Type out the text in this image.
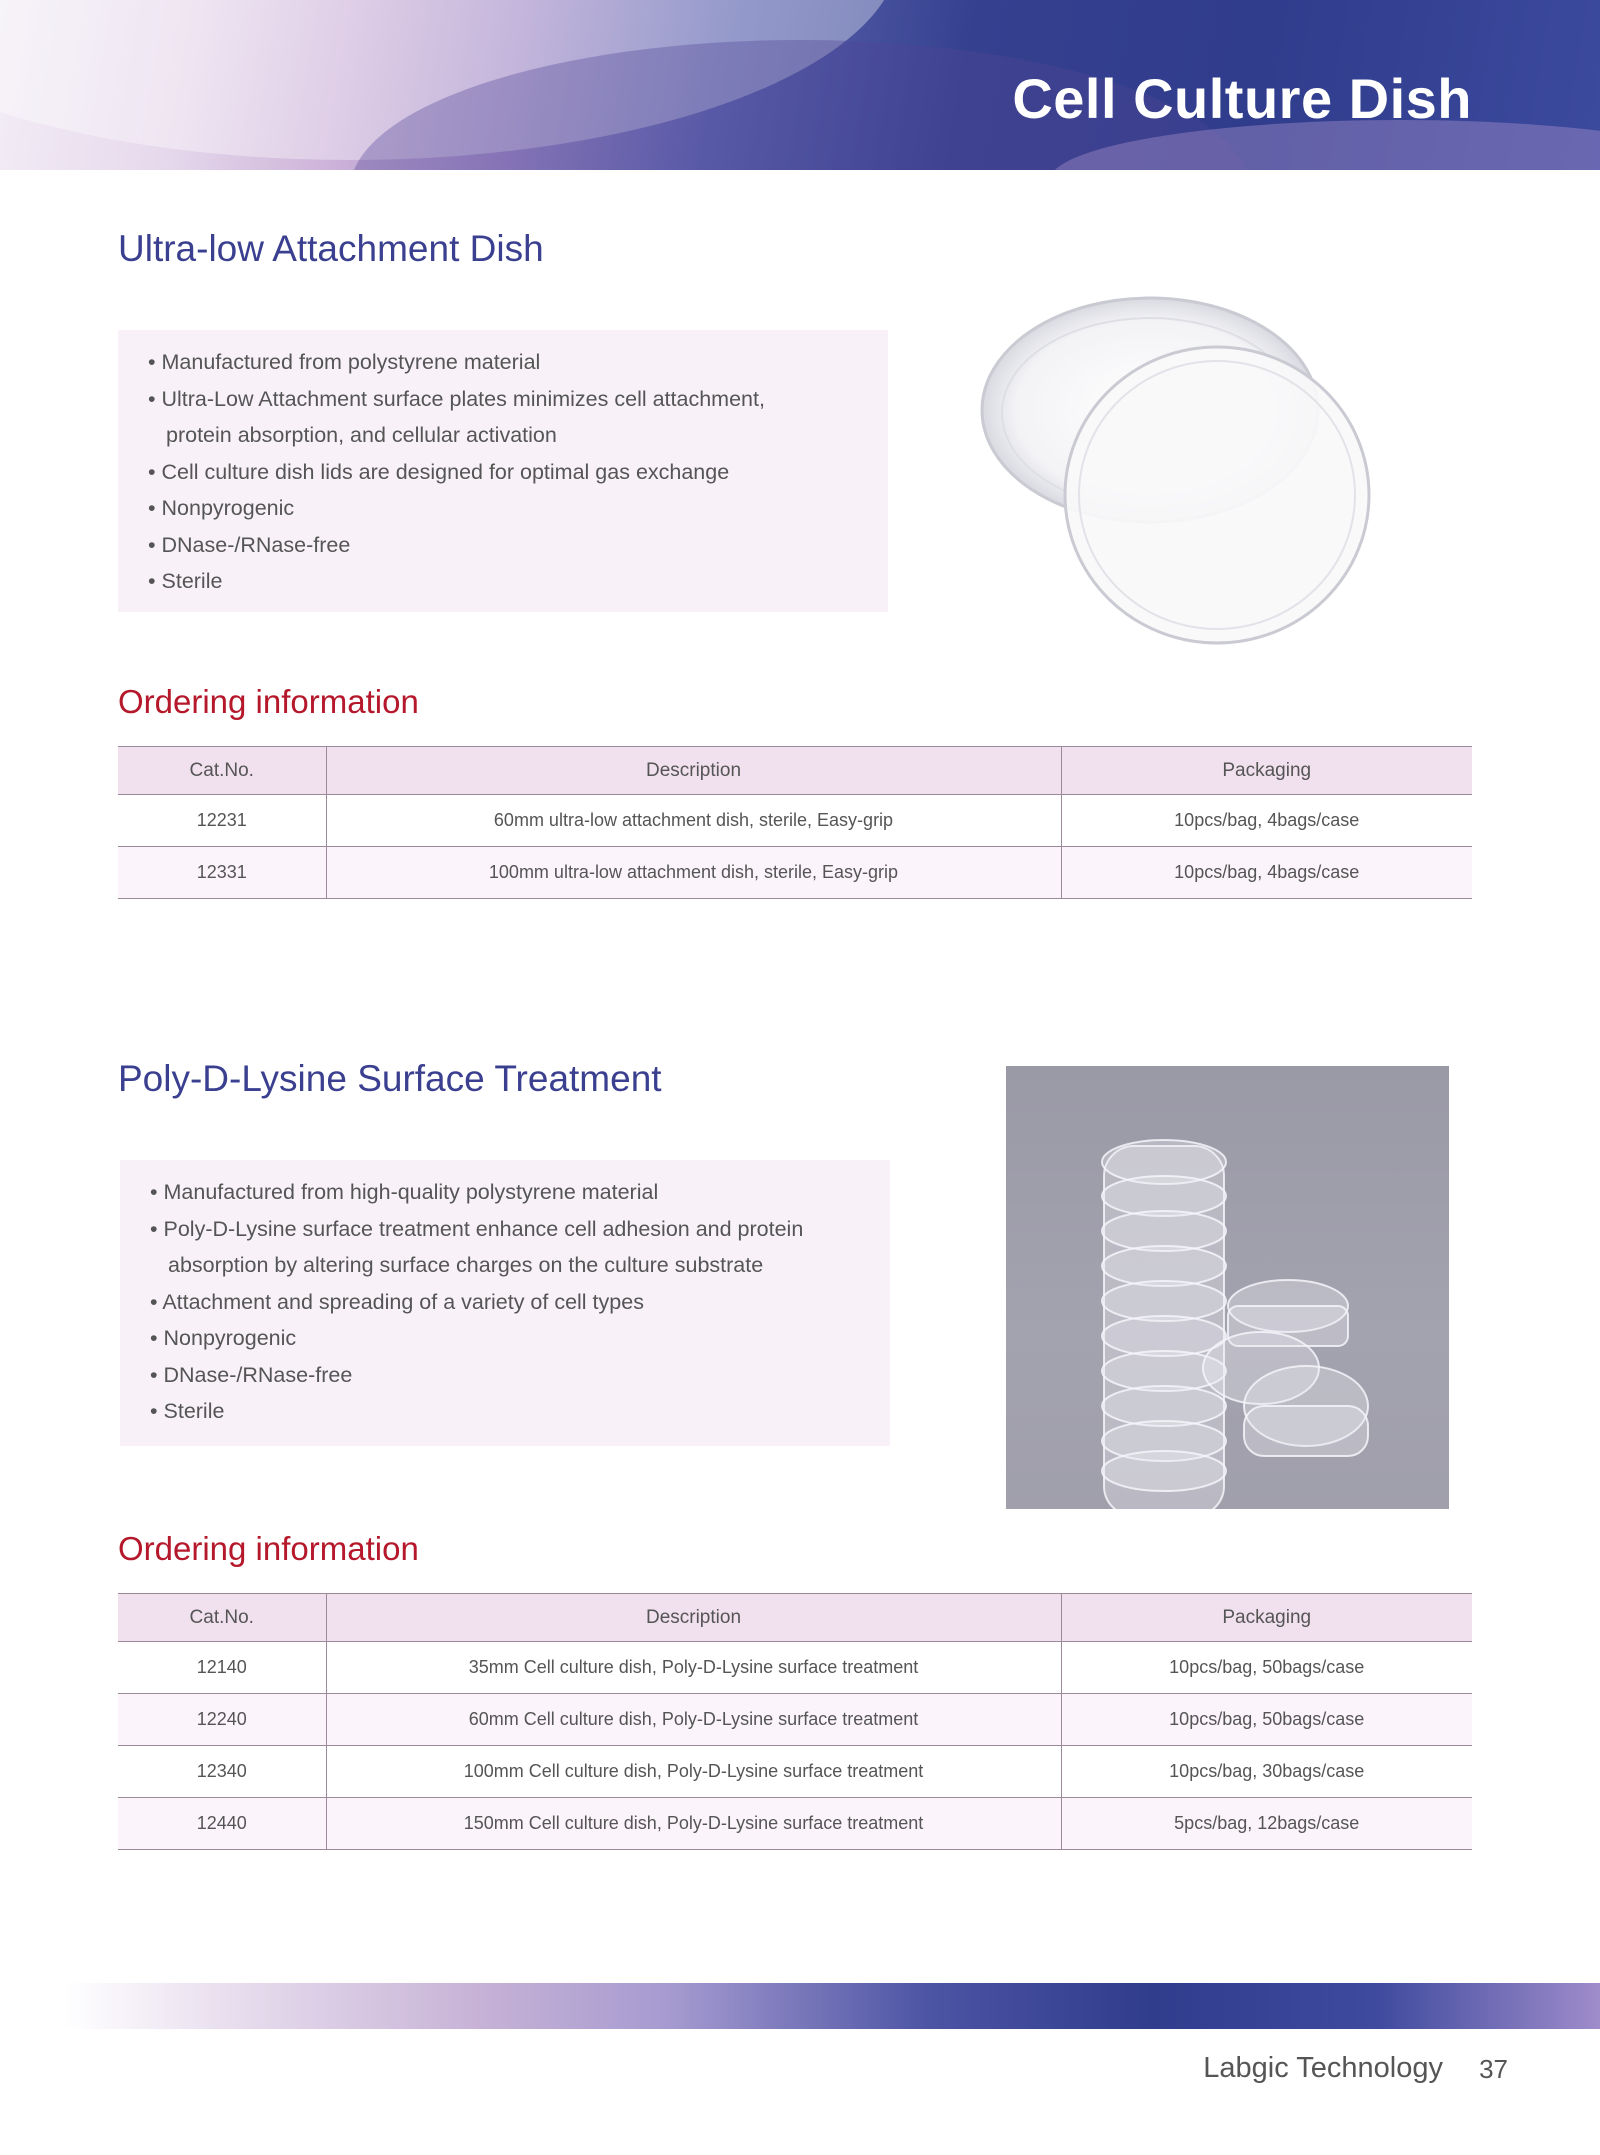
Cell Culture Dish
Ultra-low Attachment Dish
• Manufactured from polystyrene material
• Ultra-Low Attachment surface plates minimizes cell attachment,
protein absorption, and cellular activation
• Cell culture dish lids are designed for optimal gas exchange
• Nonpyrogenic
• DNase-/RNase-free
• Sterile
Ordering information
Cat.No.	Description	Packaging
12231	60mm ultra-low attachment dish, sterile, Easy-grip	10pcs/bag, 4bags/case
12331	100mm ultra-low attachment dish, sterile, Easy-grip	10pcs/bag, 4bags/case
Poly-D-Lysine Surface Treatment
• Manufactured from high-quality polystyrene material
• Poly-D-Lysine surface treatment enhance cell adhesion and protein
absorption by altering surface charges on the culture substrate
• Attachment and spreading of a variety of cell types
• Nonpyrogenic
• DNase-/RNase-free
• Sterile
Ordering information
Cat.No.	Description	Packaging
12140	35mm Cell culture dish, Poly-D-Lysine surface treatment	10pcs/bag, 50bags/case
12240	60mm Cell culture dish, Poly-D-Lysine surface treatment	10pcs/bag, 50bags/case
12340	100mm Cell culture dish, Poly-D-Lysine surface treatment	10pcs/bag, 30bags/case
12440	150mm Cell culture dish, Poly-D-Lysine surface treatment	5pcs/bag, 12bags/case
Labgic Technology 37
